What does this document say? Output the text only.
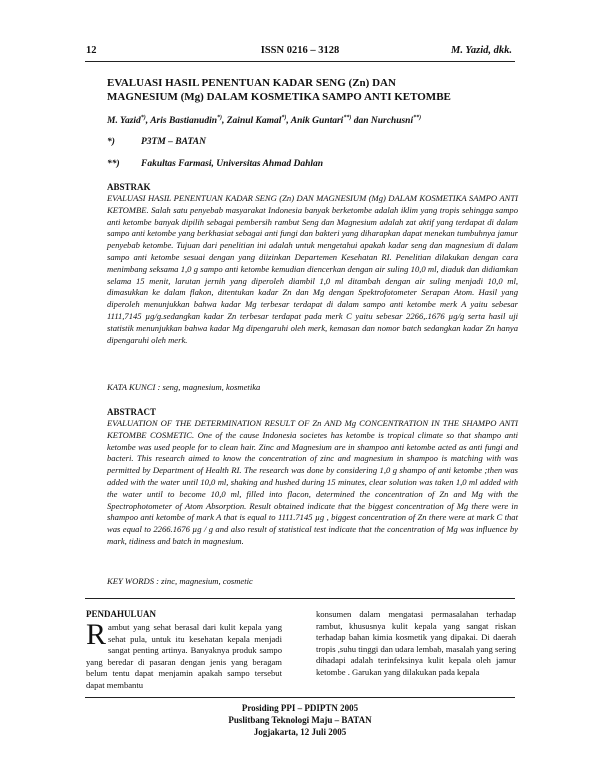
12	ISSN 0216 – 3128	M. Yazid, dkk.
EVALUASI HASIL PENENTUAN KADAR SENG (Zn) DAN
MAGNESIUM (Mg) DALAM KOSMETIKA SAMPO ANTI KETOMBE
M. Yazid*), Aris Bastianudin*), Zainul Kamal*), Anik Guntari**) dan Nurchusni**)
*)	P3TM – BATAN
**) Fakultas Farmasi, Universitas Ahmad Dahlan
ABSTRAK
EVALUASI HASIL PENENTUAN KADAR SENG (Zn) DAN MAGNESIUM (Mg) DALAM KOSMETIKA SAMPO ANTI KETOMBE. Salah satu penyebab masyarakat Indonesia banyak berketombe adalah iklim yang tropis sehingga sampo anti ketombe banyak dipilih sebagai pembersih rambut Seng dan Magnesium adalah zat aktif yang terdapat di dalam sampo anti ketombe yang berkhasiat sebagai anti fungi dan bakteri yang diharapkan dapat menekan tumbuhnya jamur penyebab ketombe. Tujuan dari penelitian ini adalah untuk mengetahui apakah kadar seng dan magnesium di dalam sampo anti ketombe sesuai dengan yang diizinkan Departemen Kesehatan RI. Penelitian dilakukan dengan cara menimbang seksama 1,0 g sampo anti ketombe kemudian diencerkan dengan air suling 10,0 ml, diaduk dan didiamkan selama 15 menit, larutan jernih yang diperoleh diambil 1,0 ml ditambah dengan air suling menjadi 10,0 ml, dimasukkan ke dalam flakon, ditentukan kadar Zn dan Mg dengan Spektrofotometer Serapan Atom. Hasil yang diperoleh menunjukkan bahwa kadar Mg terbesar terdapat di dalam sampo anti ketombe merk A yaitu sebesar 1111,7145 µg/g.sedangkan kadar Zn terbesar terdapat pada merk C yaitu sebesar 2266,.1676 µg/g serta hasil uji statistik menunjukkan bahwa kadar Mg dipengaruhi oleh merk, kemasan dan nomor batch sedangkan kadar Zn hanya dipengaruhi oleh merk.
KATA KUNCI : seng, magnesium, kosmetika
ABSTRACT
EVALUATION OF THE DETERMINATION RESULT OF Zn AND Mg CONCENTRATION IN THE SHAMPO ANTI KETOMBE COSMETIC. One of the cause Indonesia societes has ketombe is tropical climate so that shampo anti ketombe was used people for to clean hair. Zinc and Magnesium are in shampoo anti ketombe acted as anti fungi and bacteri. This research aimed to know the concentration of zinc and magnesium in shampoo is matching with was permitted by Department of Health RI. The research was done by considering 1,0 g shampo of anti ketombe ;then was added with the water until 10,0 ml, shaking and hushed during 15 minutes, clear solution was taken 1,0 ml added with the water until to become 10,0 ml, filled into flacon, determined the concentration of Zn and Mg with the Spectrophotometer of Atom Absorption. Result obtained indicate that the biggest concentration of Mg there were in shampoo anti ketombe of mark A that is equal to 1111.7145 µg , biggest concentration of Zn there were at mark C that was equal to 2266.1676 µg / g and also result of statistical test indicate that the concentration of Mg was influence by mark, tidiness and batch in magnesium.
KEY WORDS : zinc, magnesium, cosmetic
PENDAHULUAN
Rambut yang sehat berasal dari kulit kepala yang sehat pula, untuk itu kesehatan kepala menjadi sangat penting artinya. Banyaknya produk sampo yang beredar di pasaran dengan jenis yang beragam belum tentu dapat menjamin apakah sampo tersebut dapat membantu
konsumen dalam mengatasi permasalahan terhadap rambut, khususnya kulit kepala yang sangat riskan terhadap bahan kimia kosmetik yang dipakai. Di daerah tropis ,suhu tinggi dan udara lembab, masalah yang sering dihadapi adalah terinfeksinya kulit kepala oleh jamur ketombe . Garukan yang dilakukan pada kepala
Prosiding PPI – PDIPTN 2005
Puslitbang Teknologi Maju – BATAN
Jogjakarta, 12 Juli 2005
